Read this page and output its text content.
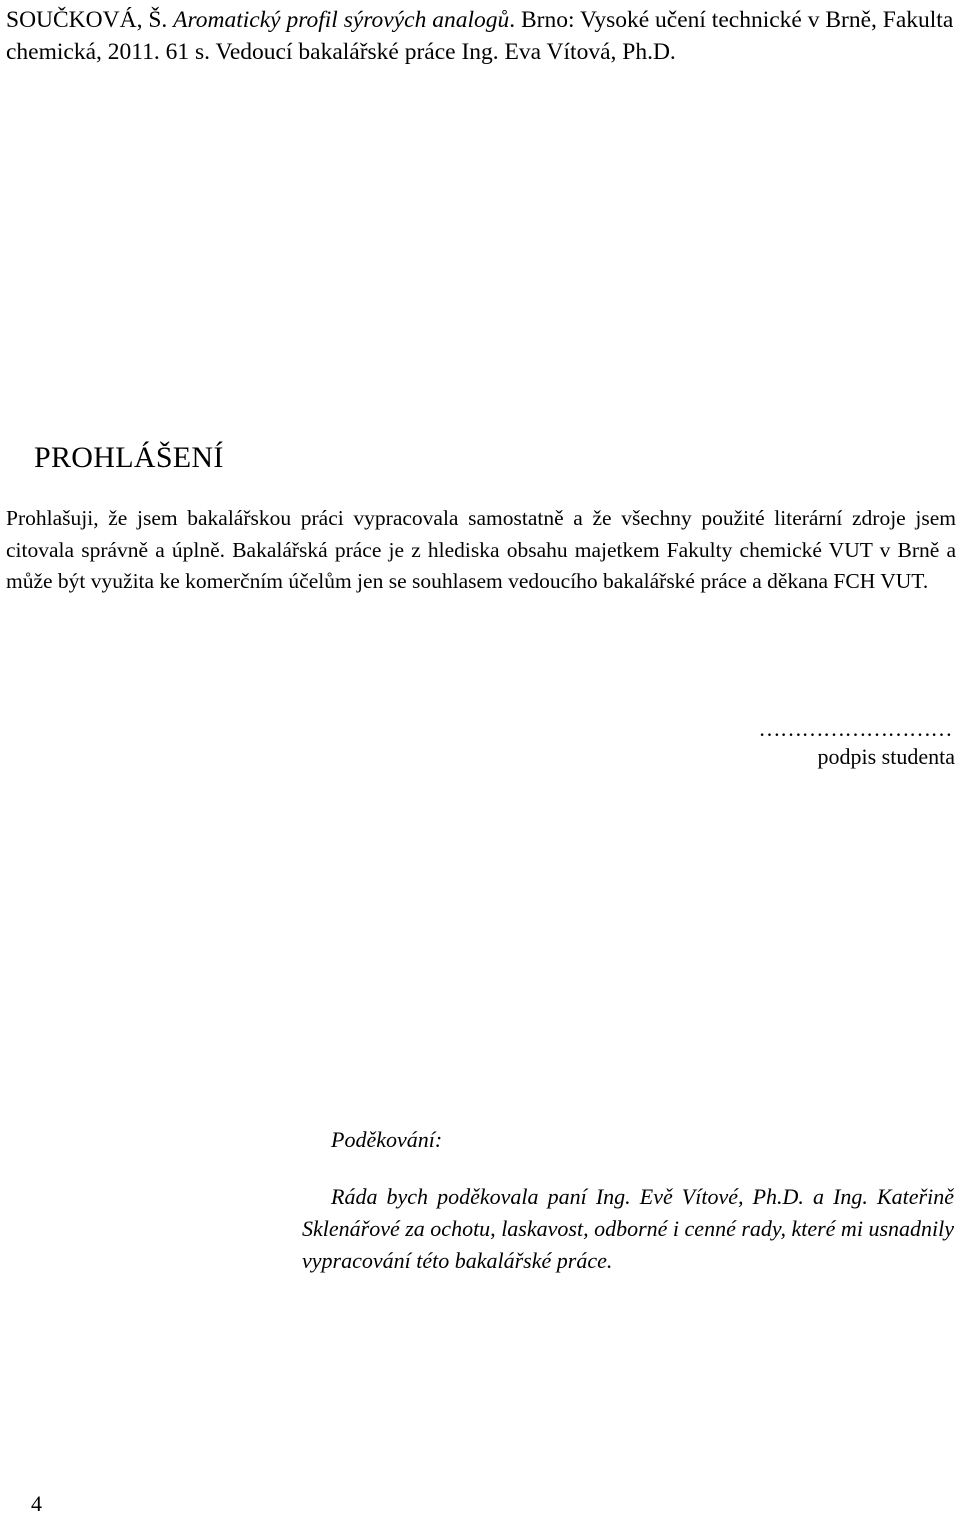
SOUČKOVÁ, Š. Aromatický profil sýrových analogů. Brno: Vysoké učení technické v Brně, Fakulta chemická, 2011. 61 s. Vedoucí bakalářské práce Ing. Eva Vítová, Ph.D.
PROHLÁŠENÍ
Prohlašuji, že jsem bakalářskou práci vypracovala samostatně a že všechny použité literární zdroje jsem citovala správně a úplně. Bakalářská práce je z hlediska obsahu majetkem Fakulty chemické VUT v Brně a může být využita ke komerčním účelům jen se souhlasem vedoucího bakalářské práce a děkana FCH VUT.
………………………
podpis studenta
Poděkování:
Ráda bych poděkovala paní Ing. Evě Vítové, Ph.D. a Ing. Kateřině Sklenářové za ochotu, laskavost, odborné i cenné rady, které mi usnadnily vypracování této bakalářské práce.
4
